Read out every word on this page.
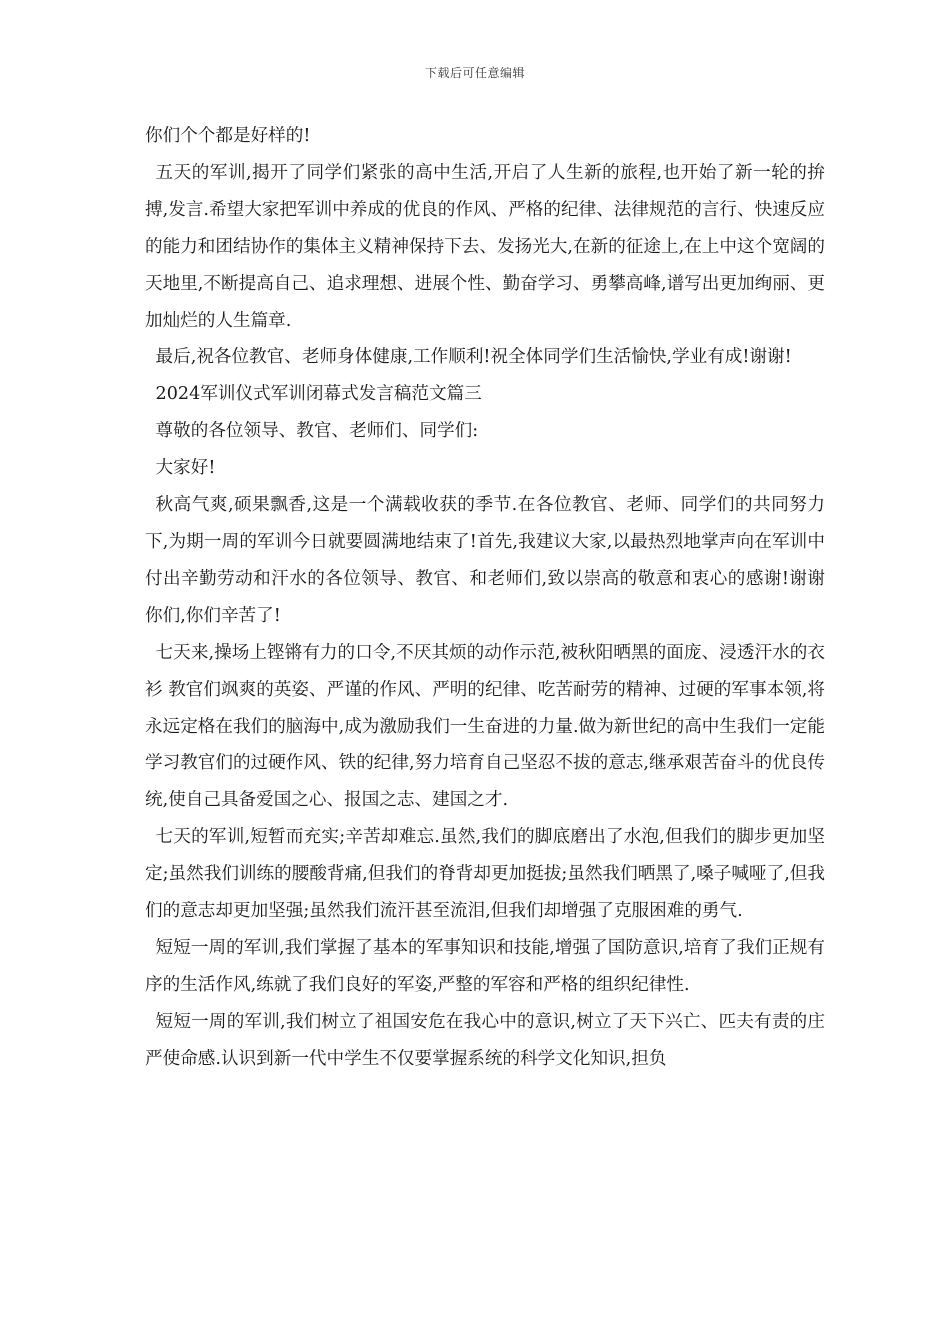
下载后可任意编辑

你们个个都是好样的!

五天的军训,揭开了同学们紧张的高中生活,开启了人生新的旅程,也开始了新一轮的拚搏,发言.希望大家把军训中养成的优良的作风、严格的纪律、法律规范的言行、快速反应的能力和团结协作的集体主义精神保持下去、发扬光大,在新的征途上,在上中这个宽阔的天地里,不断提高自己、追求理想、进展个性、勤奋学习、勇攀高峰,谱写出更加绚丽、更加灿烂的人生篇章.

最后,祝各位教官、老师身体健康,工作顺利!祝全体同学们生活愉快,学业有成!谢谢!

2024军训仪式军训闭幕式发言稿范文篇三

尊敬的各位领导、教官、老师们、同学们:

大家好!

秋高气爽,硕果飘香,这是一个满载收获的季节.在各位教官、老师、同学们的共同努力下,为期一周的军训今日就要圆满地结束了!首先,我建议大家,以最热烈地掌声向在军训中付出辛勤劳动和汗水的各位领导、教官、和老师们,致以崇高的敬意和衷心的感谢!谢谢你们,你们辛苦了!

七天来,操场上铿锵有力的口令,不厌其烦的动作示范,被秋阳晒黑的面庞、浸透汗水的衣衫 教官们飒爽的英姿、严谨的作风、严明的纪律、吃苦耐劳的精神、过硬的军事本领,将永远定格在我们的脑海中,成为激励我们一生奋进的力量.做为新世纪的高中生我们一定能学习教官们的过硬作风、铁的纪律,努力培育自己坚忍不拔的意志,继承艰苦奋斗的优良传统,使自己具备爱国之心、报国之志、建国之才.

七天的军训,短暂而充实;辛苦却难忘.虽然,我们的脚底磨出了水泡,但我们的脚步更加坚定;虽然我们训练的腰酸背痛,但我们的脊背却更加挺拔;虽然我们晒黑了,嗓子喊哑了,但我们的意志却更加坚强;虽然我们流汗甚至流泪,但我们却增强了克服困难的勇气.

短短一周的军训,我们掌握了基本的军事知识和技能,增强了国防意识,培育了我们正规有序的生活作风,练就了我们良好的军姿,严整的军容和严格的组织纪律性.

短短一周的军训,我们树立了祖国安危在我心中的意识,树立了天下兴亡、匹夫有责的庄严使命感.认识到新一代中学生不仅要掌握系统的科学文化知识,担负
